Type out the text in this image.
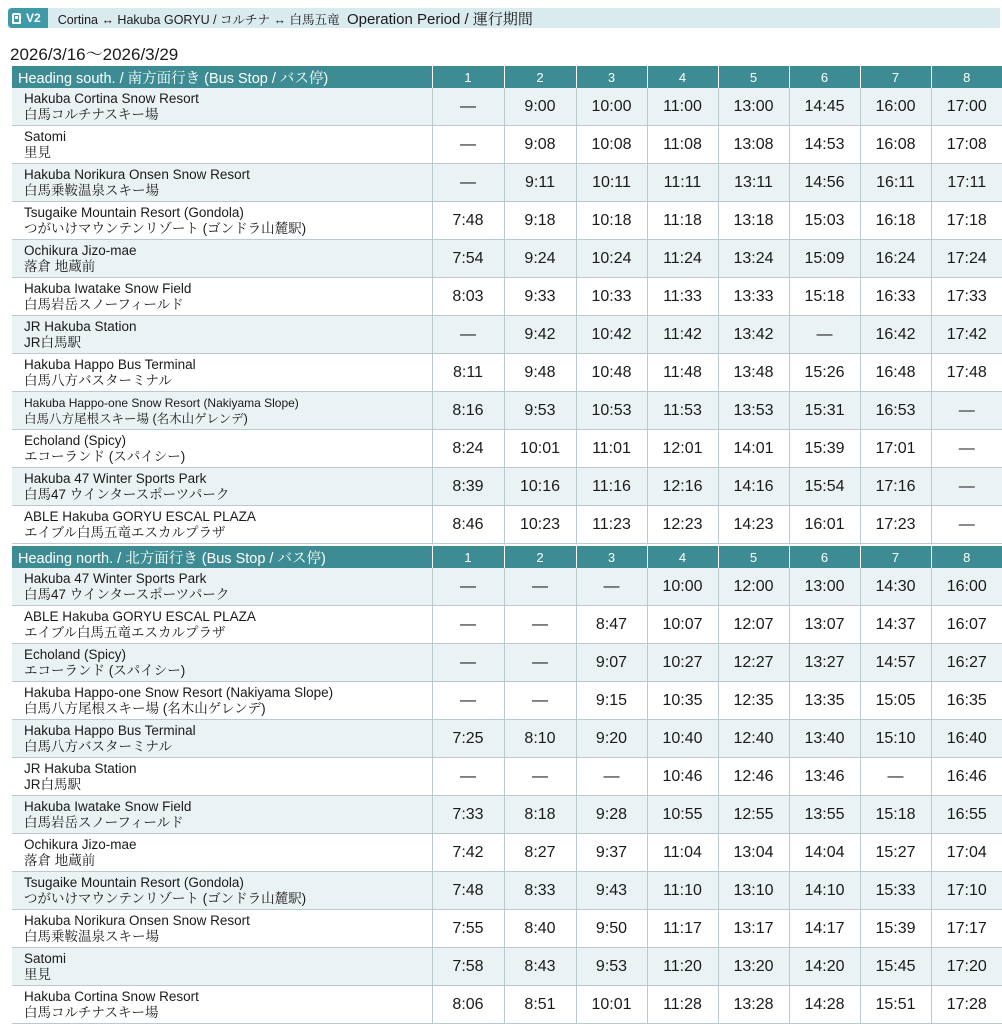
V2 Cortina ↔ Hakuba GORYU / コルチナ ↔ 白馬五竜 Operation Period / 運行期間
2026/3/16〜2026/3/29
Heading south. / 南方面行き (Bus Stop / バス停)	1	2	3	4	5	6	7	8

Hakuba Cortina Snow Resort
白馬コルチナスキー場	—	9:00	10:00	11:00	13:00	14:45	16:00	17:00

Satomi
里見	—	9:08	10:08	11:08	13:08	14:53	16:08	17:08

Hakuba Norikura Onsen Snow Resort
白馬乗鞍温泉スキー場	—	9:11	10:11	11:11	13:11	14:56	16:11	17:11

Tsugaike Mountain Resort (Gondola)
つがいけマウンテンリゾート (ゴンドラ山麓駅)	7:48	9:18	10:18	11:18	13:18	15:03	16:18	17:18

Ochikura Jizo-mae
落倉 地蔵前	7:54	9:24	10:24	11:24	13:24	15:09	16:24	17:24

Hakuba Iwatake Snow Field
白馬岩岳スノーフィールド	8:03	9:33	10:33	11:33	13:33	15:18	16:33	17:33

JR Hakuba Station
JR白馬駅	—	9:42	10:42	11:42	13:42	—	16:42	17:42

Hakuba Happo Bus Terminal
白馬八方バスターミナル	8:11	9:48	10:48	11:48	13:48	15:26	16:48	17:48

Hakuba Happo-one Snow Resort (Nakiyama Slope)
白馬八方尾根スキー場 (名木山ゲレンデ)	8:16	9:53	10:53	11:53	13:53	15:31	16:53	—

Echoland (Spicy)
エコーランド (スパイシー)	8:24	10:01	11:01	12:01	14:01	15:39	17:01	—

Hakuba 47 Winter Sports Park
白馬47 ウインタースポーツパーク	8:39	10:16	11:16	12:16	14:16	15:54	17:16	—

ABLE Hakuba GORYU ESCAL PLAZA
エイブル白馬五竜エスカルプラザ	8:46	10:23	11:23	12:23	14:23	16:01	17:23	—
Heading north. / 北方面行き (Bus Stop / バス停)	1	2	3	4	5	6	7	8

Hakuba 47 Winter Sports Park
白馬47 ウインタースポーツパーク	—	—	—	10:00	12:00	13:00	14:30	16:00

ABLE Hakuba GORYU ESCAL PLAZA
エイブル白馬五竜エスカルプラザ	—	—	8:47	10:07	12:07	13:07	14:37	16:07

Echoland (Spicy)
エコーランド (スパイシー)	—	—	9:07	10:27	12:27	13:27	14:57	16:27

Hakuba Happo-one Snow Resort (Nakiyama Slope)
白馬八方尾根スキー場 (名木山ゲレンデ)	—	—	9:15	10:35	12:35	13:35	15:05	16:35

Hakuba Happo Bus Terminal
白馬八方バスターミナル	7:25	8:10	9:20	10:40	12:40	13:40	15:10	16:40

JR Hakuba Station
JR白馬駅	—	—	—	10:46	12:46	13:46	—	16:46

Hakuba Iwatake Snow Field
白馬岩岳スノーフィールド	7:33	8:18	9:28	10:55	12:55	13:55	15:18	16:55

Ochikura Jizo-mae
落倉 地蔵前	7:42	8:27	9:37	11:04	13:04	14:04	15:27	17:04

Tsugaike Mountain Resort (Gondola)
つがいけマウンテンリゾート (ゴンドラ山麓駅)	7:48	8:33	9:43	11:10	13:10	14:10	15:33	17:10

Hakuba Norikura Onsen Snow Resort
白馬乗鞍温泉スキー場	7:55	8:40	9:50	11:17	13:17	14:17	15:39	17:17

Satomi
里見	7:58	8:43	9:53	11:20	13:20	14:20	15:45	17:20

Hakuba Cortina Snow Resort
白馬コルチナスキー場	8:06	8:51	10:01	11:28	13:28	14:28	15:51	17:28
